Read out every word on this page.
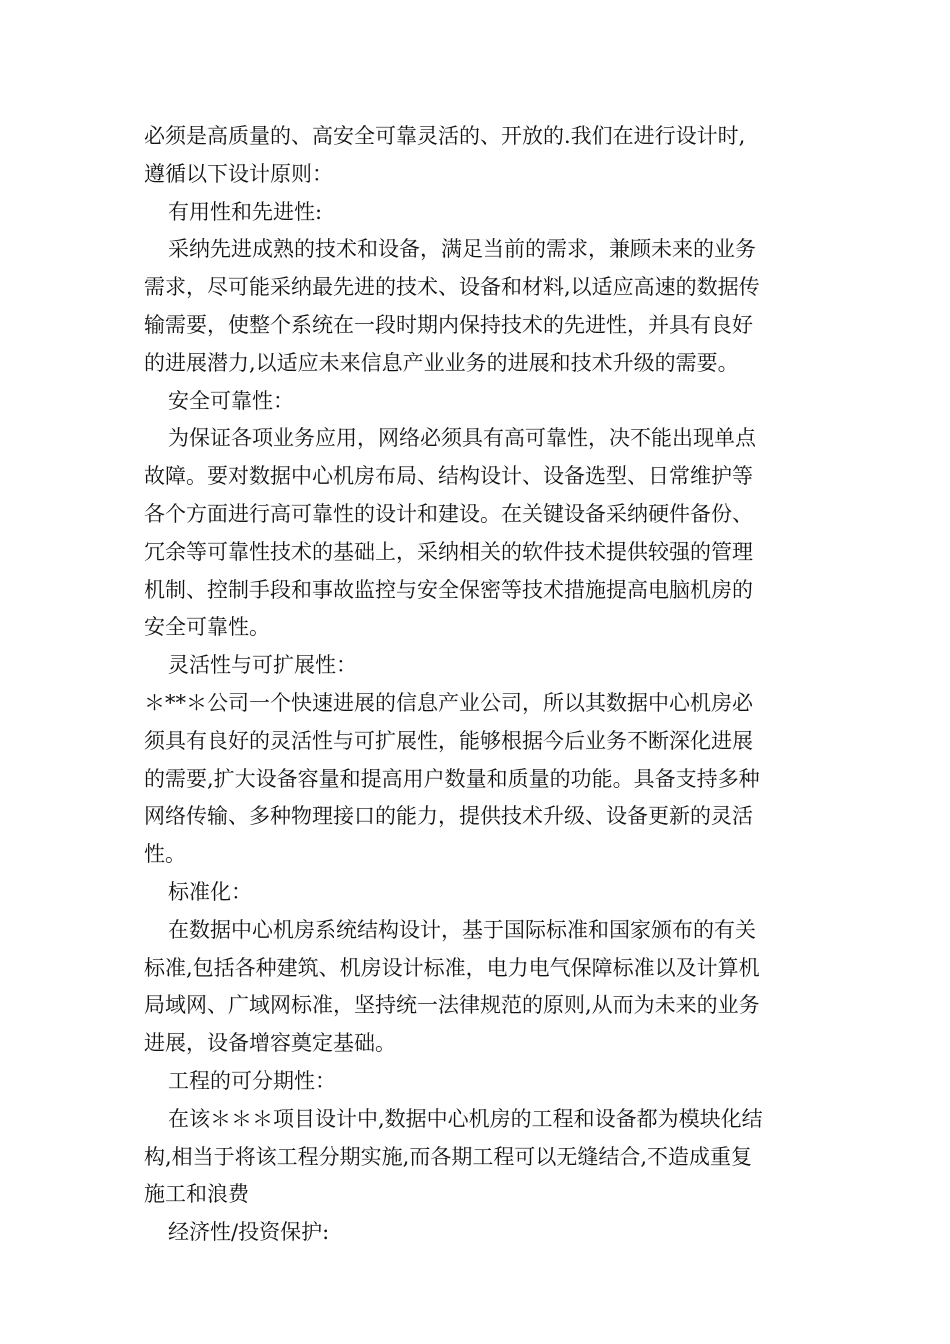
必须是高质量的、高安全可靠灵活的、开放的.我们在进行设计时,
遵循以下设计原则：
有用性和先进性:
采纳先进成熟的技术和设备，满足当前的需求，兼顾未来的业务
需求，尽可能采纳最先进的技术、设备和材料,以适应高速的数据传
输需要，使整个系统在一段时期内保持技术的先进性，并具有良好
的进展潜力,以适应未来信息产业业务的进展和技术升级的需要。
安全可靠性：
为保证各项业务应用，网络必须具有高可靠性，决不能出现单点
故障。要对数据中心机房布局、结构设计、设备选型、日常维护等
各个方面进行高可靠性的设计和建设。在关键设备采纳硬件备份、
冗余等可靠性技术的基础上，采纳相关的软件技术提供较强的管理
机制、控制手段和事故监控与安全保密等技术措施提高电脑机房的
安全可靠性。
灵活性与可扩展性：
＊**＊公司一个快速进展的信息产业公司，所以其数据中心机房必
须具有良好的灵活性与可扩展性，能够根据今后业务不断深化进展
的需要,扩大设备容量和提高用户数量和质量的功能。具备支持多种
网络传输、多种物理接口的能力，提供技术升级、设备更新的灵活
性。
标准化：
在数据中心机房系统结构设计，基于国际标准和国家颁布的有关
标准,包括各种建筑、机房设计标准，电力电气保障标准以及计算机
局域网、广域网标准，坚持统一法律规范的原则,从而为未来的业务
进展，设备增容奠定基础。
工程的可分期性：
在该＊＊＊项目设计中,数据中心机房的工程和设备都为模块化结
构,相当于将该工程分期实施,而各期工程可以无缝结合,不造成重复
施工和浪费
经济性/投资保护:
